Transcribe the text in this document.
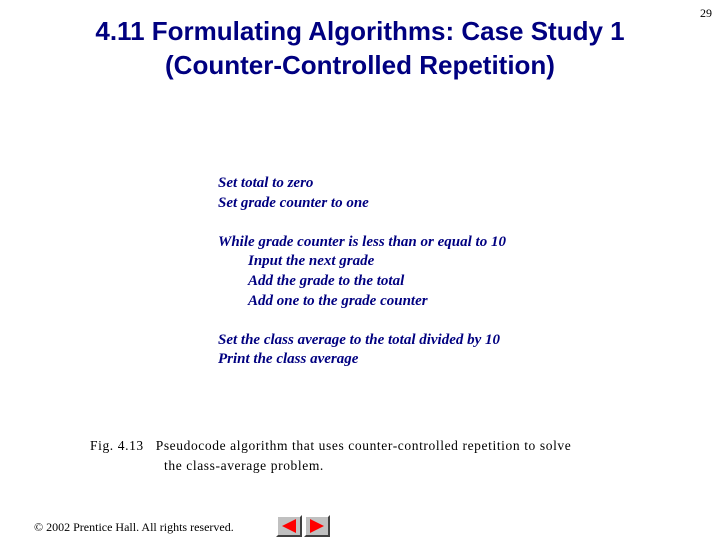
4.11 Formulating Algorithms: Case Study 1
(Counter-Controlled Repetition)
29
Set total to zero
Set grade counter to one
While grade counter is less than or equal to 10
Input the next grade
Add the grade to the total
Add one to the grade counter
Set the class average to the total divided by 10
Print the class average
Fig. 4.13   Pseudocode algorithm that uses counter-controlled repetition to solve
the class-average problem.
© 2002 Prentice Hall. All rights reserved.
